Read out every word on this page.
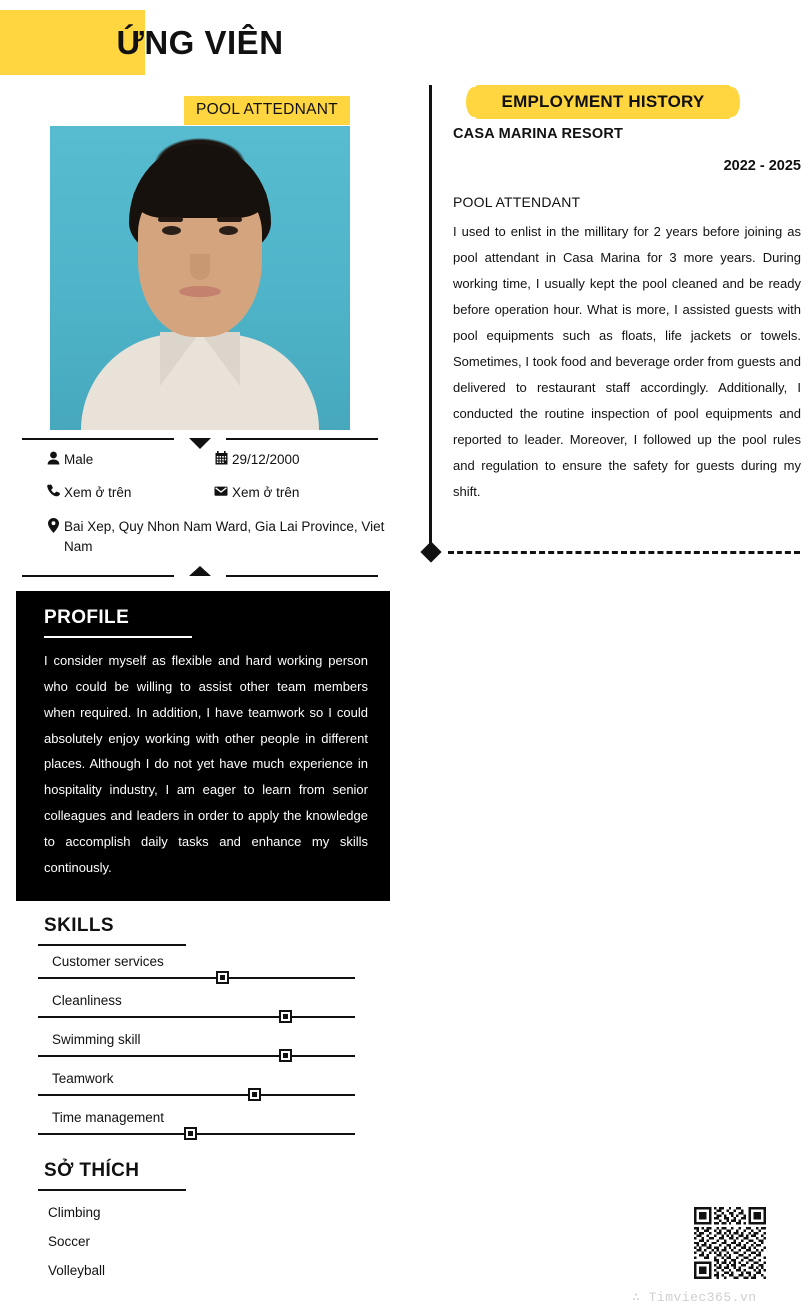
ỨNG VIÊN
POOL ATTEDNANT
Male	29/12/2000
Xem ở trên	Xem ở trên
Bai Xep, Quy Nhon Nam Ward, Gia Lai Province, Viet Nam
PROFILE
I consider myself as flexible and hard working person who could be willing to assist other team members when required. In addition, I have teamwork so I could absolutely enjoy working with other people in different places. Although I do not yet have much experience in hospitality industry, I am eager to learn from senior colleagues and leaders in order to apply the knowledge to accomplish daily tasks and enhance my skills continously.
SKILLS
Customer services
Cleanliness
Swimming skill
Teamwork
Time management
SỞ THÍCH
Climbing
Soccer
Volleyball
EMPLOYMENT HISTORY
CASA MARINA RESORT
2022 - 2025
POOL ATTENDANT
I used to enlist in the millitary for 2 years before joining as pool attendant in Casa Marina for 3 more years. During working time, I usually kept the pool cleaned and be ready before operation hour. What is more, I assisted guests with pool equipments such as floats, life jackets or towels. Sometimes, I took food and beverage order from guests and delivered to restaurant staff accordingly. Additionally, I conducted the routine inspection of pool equipments and reported to leader. Moreover, I followed up the pool rules and regulation to ensure the safety for guests during my shift.
∴ Timviec365.vn
